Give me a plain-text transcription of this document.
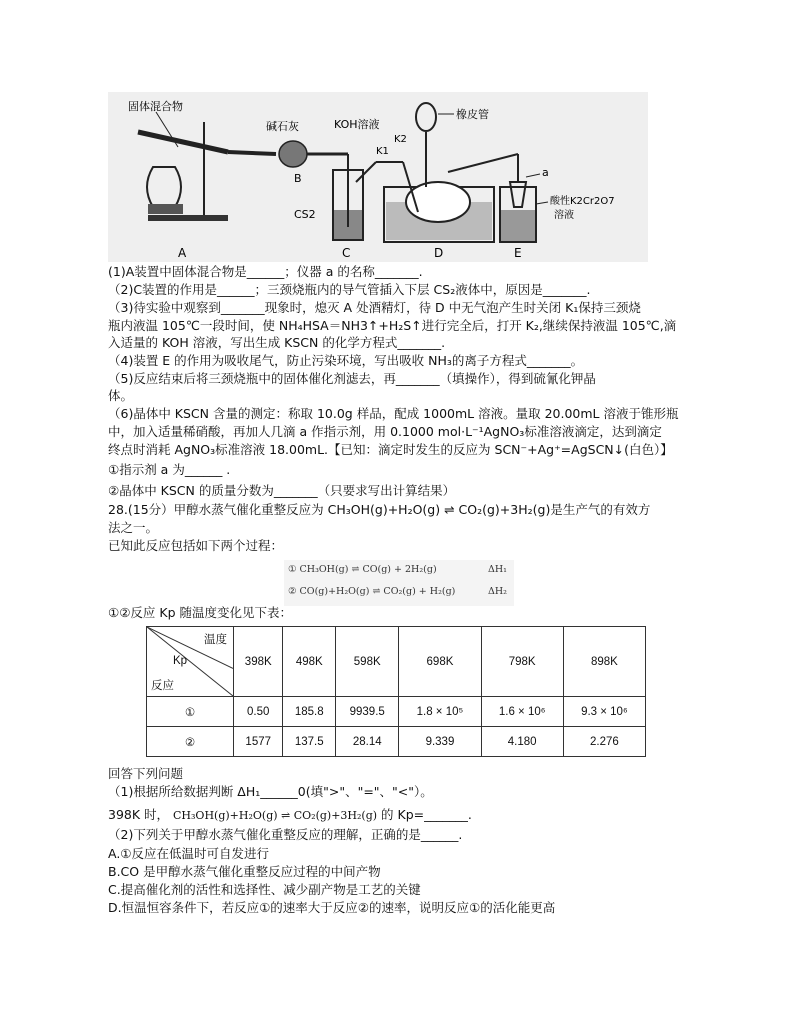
固体混合物
碱石灰	KOH溶液
橡皮管
K2
K1
B
CS2
a
酸性K2Cr2O7
溶液
A	C	D	E
(1)A装置中固体混合物是______；仪器 a 的名称_______.
（2)C装置的作用是______；三颈烧瓶内的导气管插入下层 CS₂液体中，原因是_______.
（3)待实验中观察到_______现象时，熄灭 A 处酒精灯，待 D 中无气泡产生时关闭 K₁保持三颈烧
瓶内液温 105℃一段时间，使 NH₄HSA＝NH3↑+H₂S↑进行完全后，打开 K₂,继续保持液温 105℃,滴
入适量的 KOH 溶液，写出生成 KSCN 的化学方程式_______.
（4)装置 E 的作用为吸收尾气，防止污染环境，写出吸收 NH₃的离子方程式_______。
（5)反应结束后将三颈烧瓶中的固体催化剂滤去，再_______（填操作），得到硫氰化钾晶
体。
（6)晶体中 KSCN 含量的测定：称取 10.0g 样品，配成 1000mL 溶液。量取 20.00mL 溶液于锥形瓶
中，加入适量稀硝酸，再加人几滴 a 作指示剂，用 0.1000 mol·L⁻¹AgNO₃标准溶液滴定，达到滴定
终点时消耗 AgNO₃标准溶液 18.00mL.【已知：滴定时发生的反应为 SCN⁻+Ag⁺=AgSCN↓(白色）】
①指示剂 a 为______ .
②晶体中 KSCN 的质量分数为_______（只要求写出计算结果）
28.(15分）甲醇水蒸气催化重整反应为 CH₃OH(g)+H₂O(g) ⇌ CO₂(g)+3H₂(g)是生产气的有效方
法之一。
已知此反应包括如下两个过程：
① CH₃OH(g) ⇌ CO(g) + 2H₂(g)	ΔH₁
② CO(g)+H₂O(g) ⇌ CO₂(g) + H₂(g)	ΔH₂
①②反应 Kp 随温度变化见下表：
温度
Kp
反应	398K	498K	598K	698K	798K	898K
①	0.50	185.8	9939.5	1.8 × 10⁵	1.6 × 10⁶	9.3 × 10⁶
②	1577	137.5	28.14	9.339	4.180	2.276
回答下列问题
（1)根据所给数据判断 ΔH₁______0(填">"、"="、"<"）。
398K 时， CH₃OH(g)+H₂O(g) ⇌ CO₂(g)+3H₂(g) 的 Kp=_______.
（2)下列关于甲醇水蒸气催化重整反应的理解，正确的是______.
A.①反应在低温时可自发进行
B.CO 是甲醇水蒸气催化重整反应过程的中间产物
C.提高催化剂的活性和选择性、减少副产物是工艺的关键
D.恒温恒容条件下，若反应①的速率大于反应②的速率，说明反应①的活化能更高
